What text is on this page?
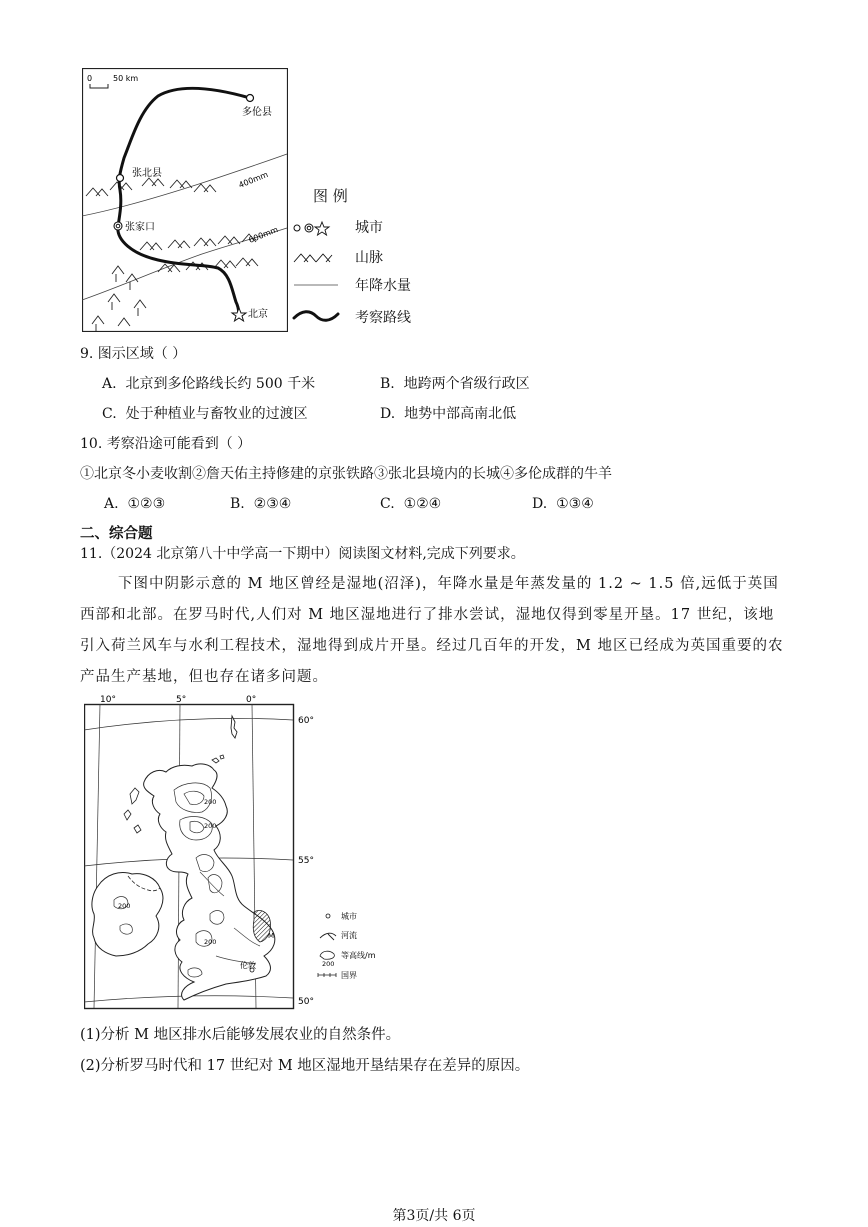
0	50 km
400mm
600mm
多伦县
张北县
张家口
北京
图 例
城市
山脉
年降水量
考察路线
9. 图示区域（ ）
A. 北京到多伦路线长约 500 千米	B. 地跨两个省级行政区
C. 处于种植业与畜牧业的过渡区	D. 地势中部高南北低
10. 考察沿途可能看到（ ）
①北京冬小麦收割②詹天佑主持修建的京张铁路③张北县境内的长城④多伦成群的牛羊
A. ①②③	B. ②③④	C. ①②④	D. ①③④
二、综合题
11.（2024 北京第八十中学高一下期中）阅读图文材料,完成下列要求。
下图中阴影示意的 M 地区曾经是湿地(沼泽)，年降水量是年蒸发量的 1.2 ~ 1.5 倍,远低于英国西部和北部。在罗马时代,人们对 M 地区湿地进行了排水尝试，湿地仅得到零星开垦。17 世纪，该地引入荷兰风车与水利工程技术，湿地得到成片开垦。经过几百年的开发，M 地区已经成为英国重要的农产品生产基地，但也存在诸多问题。
10°	5°	0°
60°
55°
50°
200
200
200
200
M
伦敦
城市
河流
200
等高线/m
国界
(1)分析 M 地区排水后能够发展农业的自然条件。
(2)分析罗马时代和 17 世纪对 M 地区湿地开垦结果存在差异的原因。
第3页/共 6页
